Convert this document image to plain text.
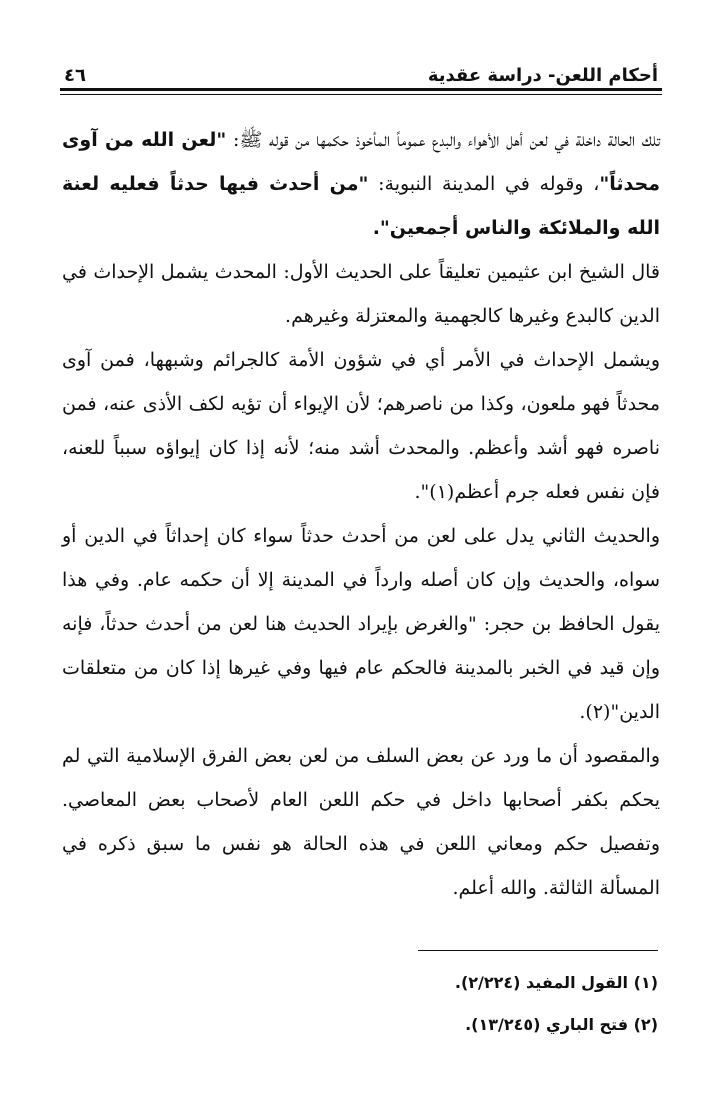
أحكام اللعن- دراسة عقدية
٤٦

تلك الحالة داخلة في لعن أهل الأهواء والبدع عموماً المأخوذ حكمها من قوله ﷺ: "لعن الله من آوى محدثاً"، وقوله في المدينة النبوية: "من أحدث فيها حدثاً فعليه لعنة الله والملائكة والناس أجمعين".

قال الشيخ ابن عثيمين تعليقاً على الحديث الأول: المحدث يشمل الإحداث في الدين كالبدع وغيرها كالجهمية والمعتزلة وغيرهم.

ويشمل الإحداث في الأمر أي في شؤون الأمة كالجرائم وشبهها، فمن آوى محدثاً فهو ملعون، وكذا من ناصرهم؛ لأن الإيواء أن تؤيه لكف الأذى عنه، فمن ناصره فهو أشد وأعظم. والمحدث أشد منه؛ لأنه إذا كان إيواؤه سبباً للعنه، فإن نفس فعله جرم أعظم(١)".

والحديث الثاني يدل على لعن من أحدث حدثاً سواء كان إحداثاً في الدين أو سواه، والحديث وإن كان أصله وارداً في المدينة إلا أن حكمه عام. وفي هذا يقول الحافظ بن حجر: "والغرض بإيراد الحديث هنا لعن من أحدث حدثاً، فإنه وإن قيد في الخبر بالمدينة فالحكم عام فيها وفي غيرها إذا كان من متعلقات الدين"(٢).

والمقصود أن ما ورد عن بعض السلف من لعن بعض الفرق الإسلامية التي لم يحكم بكفر أصحابها داخل في حكم اللعن العام لأصحاب بعض المعاصي. وتفصيل حكم ومعاني اللعن في هذه الحالة هو نفس ما سبق ذكره في المسألة الثالثة. والله أعلم.

(١) القول المفيد (٢/٢٢٤).

(٢) فتح الباري (١٣/٢٤٥).
